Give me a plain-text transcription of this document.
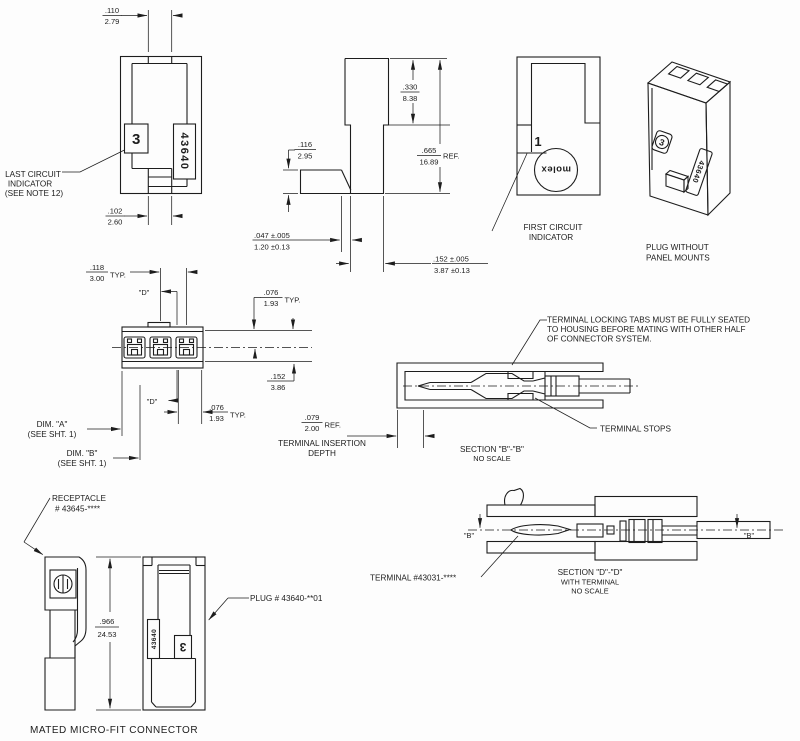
3	43640
.110
2.79
.102
2.60
LAST CIRCUIT
INDICATOR
(SEE NOTE 12)
.330
8.38
.665
16.89
REF.
.116
2.95
.047 ±.005
1.20 ±0.13
.152 ±.005
3.87 ±0.13
molex
1
FIRST CIRCUIT
INDICATOR
3
43640
PLUG WITHOUT
PANEL MOUNTS
.118
3.00 TYP.
"D"
"D"
.076
1.93 TYP.
.152
3.86
.076
1.93 TYP.
DIM. "A"
(SEE SHT. 1)
DIM. "B"
(SEE SHT. 1)
TERMINAL LOCKING TABS MUST BE FULLY SEATED
TO HOUSING BEFORE MATING WITH OTHER HALF
OF CONNECTOR SYSTEM.
TERMINAL STOPS
.079
2.00 REF.
TERMINAL INSERTION
DEPTH	SECTION "B"-"B"
NO SCALE
"B"	"B"
TERMINAL #43031-****
SECTION "D"-"D"
WITH TERMINAL
NO SCALE
43640 3
.966
24.53
RECEPTACLE
# 43645-****
PLUG # 43640-**01
MATED MICRO-FIT CONNECTOR
